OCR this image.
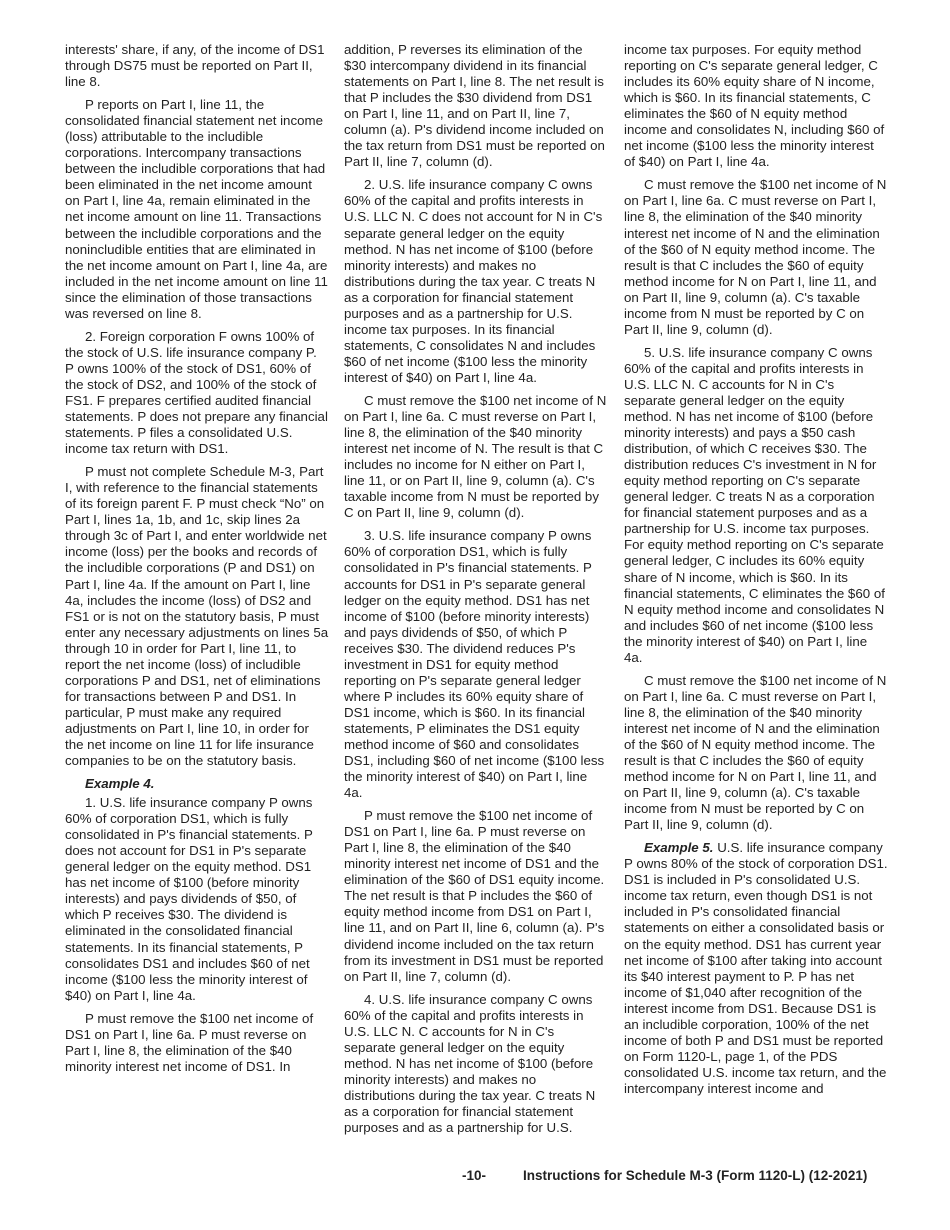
interests' share, if any, of the income of DS1 through DS75 must be reported on Part II, line 8.

P reports on Part I, line 11, the consolidated financial statement net income (loss) attributable to the includible corporations. Intercompany transactions between the includible corporations that had been eliminated in the net income amount on Part I, line 4a, remain eliminated in the net income amount on line 11. Transactions between the includible corporations and the nonincludible entities that are eliminated in the net income amount on Part I, line 4a, are included in the net income amount on line 11 since the elimination of those transactions was reversed on line 8.

2. Foreign corporation F owns 100% of the stock of U.S. life insurance company P. P owns 100% of the stock of DS1, 60% of the stock of DS2, and 100% of the stock of FS1. F prepares certified audited financial statements. P does not prepare any financial statements. P files a consolidated U.S. income tax return with DS1.

P must not complete Schedule M-3, Part I, with reference to the financial statements of its foreign parent F. P must check “No” on Part I, lines 1a, 1b, and 1c, skip lines 2a through 3c of Part I, and enter worldwide net income (loss) per the books and records of the includible corporations (P and DS1) on Part I, line 4a. If the amount on Part I, line 4a, includes the income (loss) of DS2 and FS1 or is not on the statutory basis, P must enter any necessary adjustments on lines 5a through 10 in order for Part I, line 11, to report the net income (loss) of includible corporations P and DS1, net of eliminations for transactions between P and DS1. In particular, P must make any required adjustments on Part I, line 10, in order for the net income on line 11 for life insurance companies to be on the statutory basis.

Example 4.

1. U.S. life insurance company P owns 60% of corporation DS1, which is fully consolidated in P's financial statements. P does not account for DS1 in P's separate general ledger on the equity method. DS1 has net income of $100 (before minority interests) and pays dividends of $50, of which P receives $30. The dividend is eliminated in the consolidated financial statements. In its financial statements, P consolidates DS1 and includes $60 of net income ($100 less the minority interest of $40) on Part I, line 4a.

P must remove the $100 net income of DS1 on Part I, line 6a. P must reverse on Part I, line 8, the elimination of the $40 minority interest net income of DS1. In

addition, P reverses its elimination of the $30 intercompany dividend in its financial statements on Part I, line 8. The net result is that P includes the $30 dividend from DS1 on Part I, line 11, and on Part II, line 7, column (a). P's dividend income included on the tax return from DS1 must be reported on Part II, line 7, column (d).

2. U.S. life insurance company C owns 60% of the capital and profits interests in U.S. LLC N. C does not account for N in C's separate general ledger on the equity method. N has net income of $100 (before minority interests) and makes no distributions during the tax year. C treats N as a corporation for financial statement purposes and as a partnership for U.S. income tax purposes. In its financial statements, C consolidates N and includes $60 of net income ($100 less the minority interest of $40) on Part I, line 4a.

C must remove the $100 net income of N on Part I, line 6a. C must reverse on Part I, line 8, the elimination of the $40 minority interest net income of N. The result is that C includes no income for N either on Part I, line 11, or on Part II, line 9, column (a). C's taxable income from N must be reported by C on Part II, line 9, column (d).

3. U.S. life insurance company P owns 60% of corporation DS1, which is fully consolidated in P's financial statements. P accounts for DS1 in P's separate general ledger on the equity method. DS1 has net income of $100 (before minority interests) and pays dividends of $50, of which P receives $30. The dividend reduces P's investment in DS1 for equity method reporting on P's separate general ledger where P includes its 60% equity share of DS1 income, which is $60. In its financial statements, P eliminates the DS1 equity method income of $60 and consolidates DS1, including $60 of net income ($100 less the minority interest of $40) on Part I, line 4a.

P must remove the $100 net income of DS1 on Part I, line 6a. P must reverse on Part I, line 8, the elimination of the $40 minority interest net income of DS1 and the elimination of the $60 of DS1 equity income. The net result is that P includes the $60 of equity method income from DS1 on Part I, line 11, and on Part II, line 6, column (a). P's dividend income included on the tax return from its investment in DS1 must be reported on Part II, line 7, column (d).

4. U.S. life insurance company C owns 60% of the capital and profits interests in U.S. LLC N. C accounts for N in C's separate general ledger on the equity method. N has net income of $100 (before minority interests) and makes no distributions during the tax year. C treats N as a corporation for financial statement purposes and as a partnership for U.S.

income tax purposes. For equity method reporting on C's separate general ledger, C includes its 60% equity share of N income, which is $60. In its financial statements, C eliminates the $60 of N equity method income and consolidates N, including $60 of net income ($100 less the minority interest of $40) on Part I, line 4a.

C must remove the $100 net income of N on Part I, line 6a. C must reverse on Part I, line 8, the elimination of the $40 minority interest net income of N and the elimination of the $60 of N equity method income. The result is that C includes the $60 of equity method income for N on Part I, line 11, and on Part II, line 9, column (a). C's taxable income from N must be reported by C on Part II, line 9, column (d).

5. U.S. life insurance company C owns 60% of the capital and profits interests in U.S. LLC N. C accounts for N in C's separate general ledger on the equity method. N has net income of $100 (before minority interests) and pays a $50 cash distribution, of which C receives $30. The distribution reduces C's investment in N for equity method reporting on C's separate general ledger. C treats N as a corporation for financial statement purposes and as a partnership for U.S. income tax purposes. For equity method reporting on C's separate general ledger, C includes its 60% equity share of N income, which is $60. In its financial statements, C eliminates the $60 of N equity method income and consolidates N and includes $60 of net income ($100 less the minority interest of $40) on Part I, line 4a.

C must remove the $100 net income of N on Part I, line 6a. C must reverse on Part I, line 8, the elimination of the $40 minority interest net income of N and the elimination of the $60 of N equity method income. The result is that C includes the $60 of equity method income for N on Part I, line 11, and on Part II, line 9, column (a). C's taxable income from N must be reported by C on Part II, line 9, column (d).

Example 5. U.S. life insurance company P owns 80% of the stock of corporation DS1. DS1 is included in P's consolidated U.S. income tax return, even though DS1 is not included in P's consolidated financial statements on either a consolidated basis or on the equity method. DS1 has current year net income of $100 after taking into account its $40 interest payment to P. P has net income of $1,040 after recognition of the interest income from DS1. Because DS1 is an includible corporation, 100% of the net income of both P and DS1 must be reported on Form 1120-L, page 1, of the PDS consolidated U.S. income tax return, and the intercompany interest income and

-10-	Instructions for Schedule M-3 (Form 1120-L) (12-2021)
